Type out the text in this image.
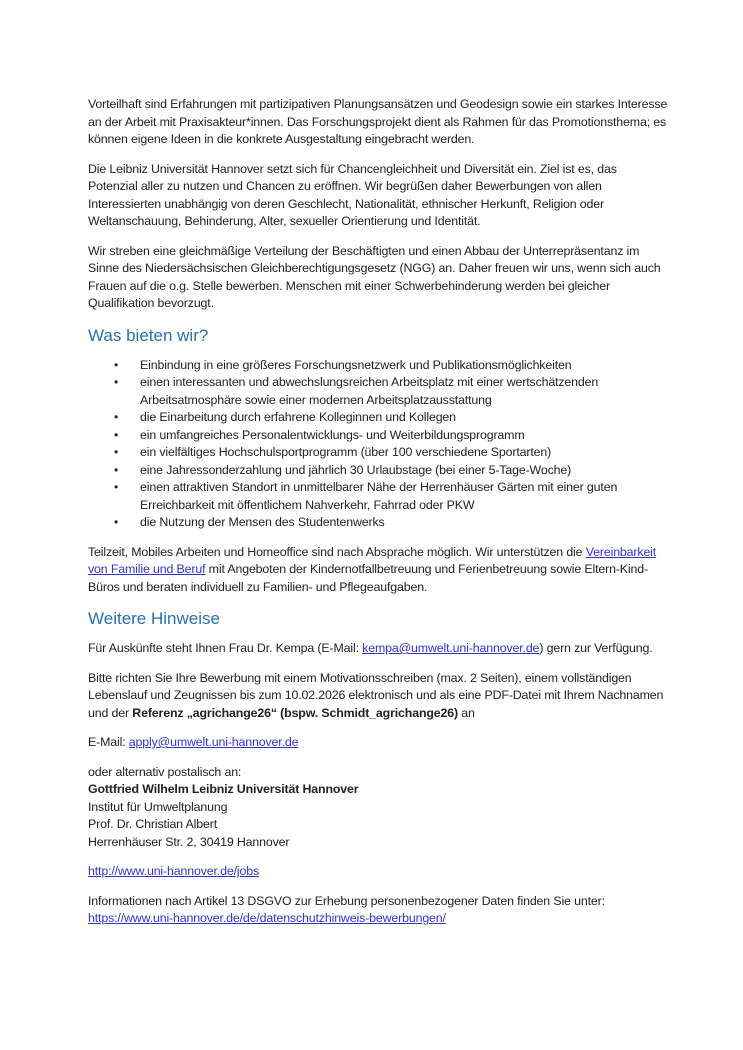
Vorteilhaft sind Erfahrungen mit partizipativen Planungsansätzen und Geodesign sowie ein starkes Interesse an der Arbeit mit Praxisakteur*innen. Das Forschungsprojekt dient als Rahmen für das Promotionsthema; es können eigene Ideen in die konkrete Ausgestaltung eingebracht werden.

Die Leibniz Universität Hannover setzt sich für Chancengleichheit und Diversität ein. Ziel ist es, das Potenzial aller zu nutzen und Chancen zu eröffnen. Wir begrüßen daher Bewerbungen von allen Interessierten unabhängig von deren Geschlecht, Nationalität, ethnischer Herkunft, Religion oder Weltanschauung, Behinderung, Alter, sexueller Orientierung und Identität.

Wir streben eine gleichmäßige Verteilung der Beschäftigten und einen Abbau der Unterrepräsentanz im Sinne des Niedersächsischen Gleichberechtigungsgesetz (NGG) an. Daher freuen wir uns, wenn sich auch Frauen auf die o.g. Stelle bewerben. Menschen mit einer Schwerbehinderung werden bei gleicher Qualifikation bevorzugt.

Was bieten wir?
• Einbindung in eine größeres Forschungsnetzwerk und Publikationsmöglichkeiten
• einen interessanten und abwechslungsreichen Arbeitsplatz mit einer wertschätzenden Arbeitsatmosphäre sowie einer modernen Arbeitsplatzausstattung
• die Einarbeitung durch erfahrene Kolleginnen und Kollegen
• ein umfangreiches Personalentwicklungs- und Weiterbildungsprogramm
• ein vielfältiges Hochschulsportprogramm (über 100 verschiedene Sportarten)
• eine Jahressonderzahlung und jährlich 30 Urlaubstage (bei einer 5-Tage-Woche)
• einen attraktiven Standort in unmittelbarer Nähe der Herrenhäuser Gärten mit einer guten Erreichbarkeit mit öffentlichem Nahverkehr, Fahrrad oder PKW
• die Nutzung der Mensen des Studentenwerks

Teilzeit, Mobiles Arbeiten und Homeoffice sind nach Absprache möglich. Wir unterstützen die Vereinbarkeit von Familie und Beruf mit Angeboten der Kindernotfallbetreuung und Ferienbetreuung sowie Eltern-Kind-Büros und beraten individuell zu Familien- und Pflegeaufgaben.

Weitere Hinweise

Für Auskünfte steht Ihnen Frau Dr. Kempa (E-Mail: kempa@umwelt.uni-hannover.de) gern zur Verfügung.

Bitte richten Sie Ihre Bewerbung mit einem Motivationsschreiben (max. 2 Seiten), einem vollständigen Lebenslauf und Zeugnissen bis zum 10.02.2026 elektronisch und als eine PDF-Datei mit Ihrem Nachnamen und der Referenz „agrichange26“ (bspw. Schmidt_agrichange26) an

E-Mail: apply@umwelt.uni-hannover.de

oder alternativ postalisch an:

Gottfried Wilhelm Leibniz Universität Hannover

Institut für Umweltplanung

Prof. Dr. Christian Albert

Herrenhäuser Str. 2, 30419 Hannover

http://www.uni-hannover.de/jobs

Informationen nach Artikel 13 DSGVO zur Erhebung personenbezogener Daten finden Sie unter:
https://www.uni-hannover.de/de/datenschutzhinweis-bewerbungen/
